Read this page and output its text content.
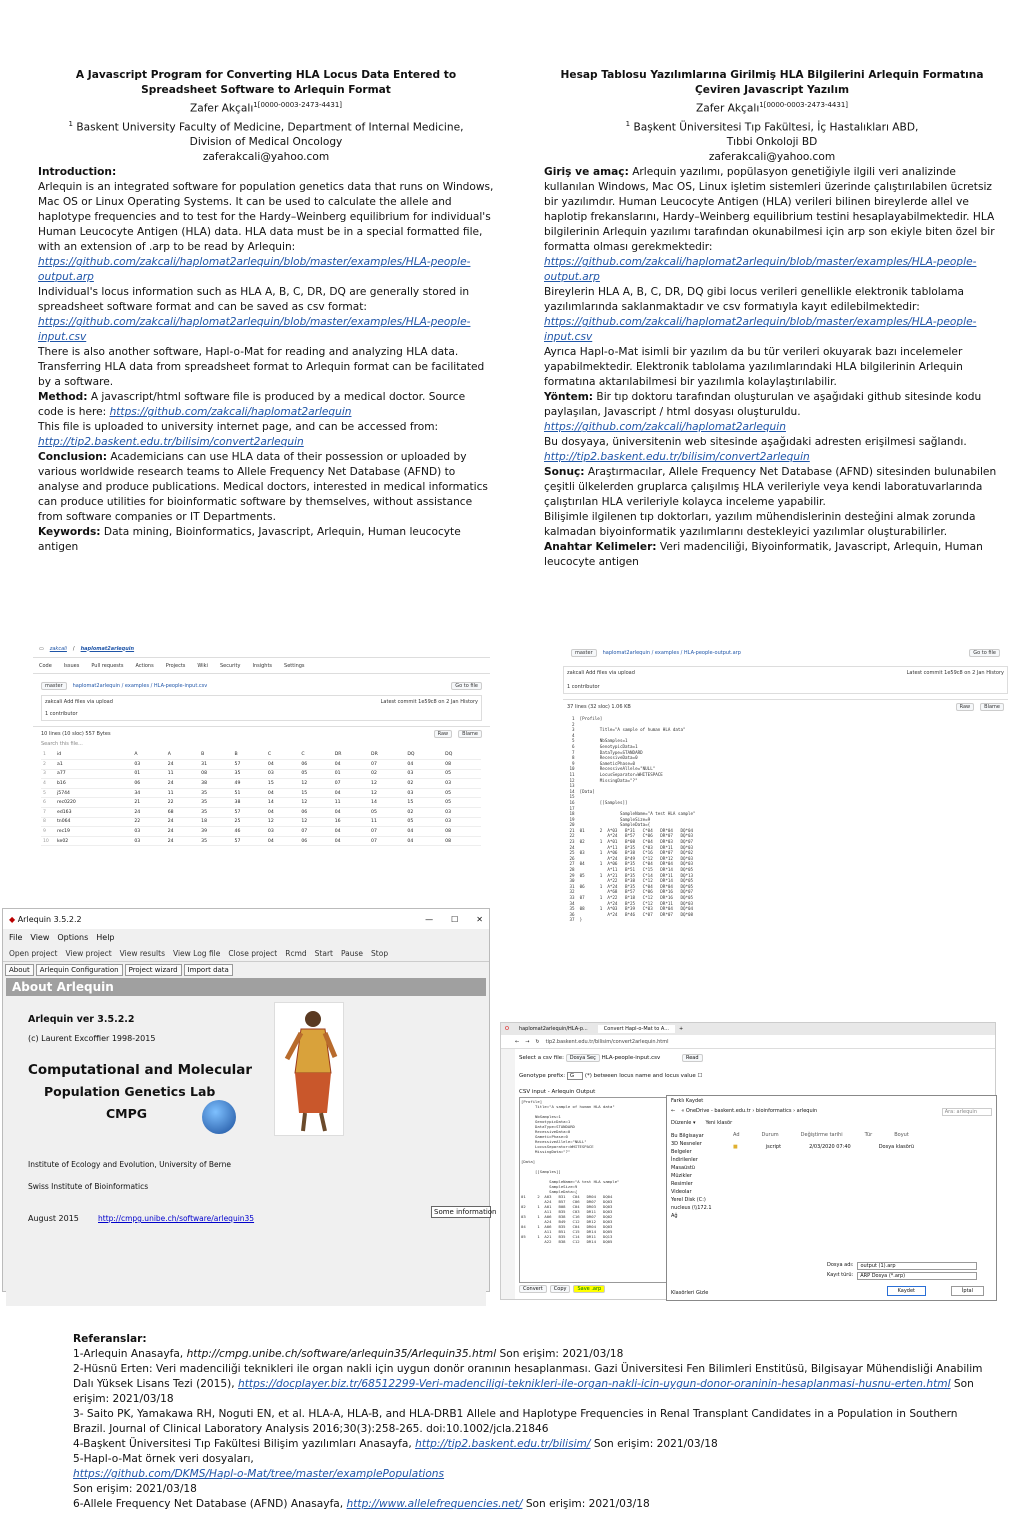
A Javascript Program for Converting HLA Locus Data Entered to Spreadsheet Software to Arlequin Format
Zafer Akçalı$^{1[0000-0003-2473-4431]}$
$^1$ Baskent University Faculty of Medicine, Department of Internal Medicine,
Division of Medical Oncology
zaferakcali@yahoo.com
Introduction:
Arlequin is an integrated software for population genetics data that runs on Windows, Mac OS or Linux Operating Systems. It can be used to calculate the allele and haplotype frequencies and to test for the Hardy–Weinberg equilibrium for individual's Human Leucocyte Antigen (HLA) data. HLA data must be in a special formatted file, with an extension of .arp to be read by Arlequin:
https://github.com/zakcali/haplomat2arlequin/blob/master/examples/HLA-people-output.arp
Individual's locus information such as HLA A, B, C, DR, DQ are generally stored in spreadsheet software format and can be saved as csv format:
https://github.com/zakcali/haplomat2arlequin/blob/master/examples/HLA-people-input.csv
There is also another software, Hapl-o-Mat for reading and analyzing HLA data. Transferring HLA data from spreadsheet format to Arlequin format can be facilitated by a software.
Method: A javascript/html software file is produced by a medical doctor. Source code is here: https://github.com/zakcali/haplomat2arlequin
This file is uploaded to university internet page, and can be accessed from:
http://tip2.baskent.edu.tr/bilisim/convert2arlequin
Conclusion: Academicians can use HLA data of their possession or uploaded by various worldwide research teams to Allele Frequency Net Database (AFND) to analyse and produce publications. Medical doctors, interested in medical informatics can produce utilities for bioinformatic software by themselves, without assistance from software companies or IT Departments.
Keywords: Data mining, Bioinformatics, Javascript, Arlequin, Human leucocyte antigen
Hesap Tablosu Yazılımlarına Girilmiş HLA Bilgilerini Arlequin Formatına Çeviren Javascript Yazılım
Zafer Akçalı$^{1[0000-0003-2473-4431]}$
$^1$ Başkent Üniversitesi Tıp Fakültesi, İç Hastalıkları ABD,
Tıbbi Onkoloji BD
zaferakcali@yahoo.com
Giriş ve amaç: Arlequin yazılımı, popülasyon genetiğiyle ilgili veri analizinde kullanılan Windows, Mac OS, Linux işletim sistemleri üzerinde çalıştırılabilen ücretsiz bir yazılımdır. Human Leucocyte Antigen (HLA) verileri bilinen bireylerde allel ve haplotip frekanslarını, Hardy–Weinberg equilibrium testini hesaplayabilmektedir. HLA bilgilerinin Arlequin yazılımı tarafından okunabilmesi için arp son ekiyle biten özel bir formatta olması gerekmektedir:
https://github.com/zakcali/haplomat2arlequin/blob/master/examples/HLA-people-output.arp
Bireylerin HLA A, B, C, DR, DQ gibi locus verileri genellikle elektronik tablolama yazılımlarında saklanmaktadır ve csv formatıyla kayıt edilebilmektedir:
https://github.com/zakcali/haplomat2arlequin/blob/master/examples/HLA-people-input.csv
Ayrıca Hapl-o-Mat isimli bir yazılım da bu tür verileri okuyarak bazı incelemeler yapabilmektedir. Elektronik tablolama yazılımlarındaki HLA bilgilerinin Arlequin formatına aktarılabilmesi bir yazılımla kolaylaştırılabilir.
Yöntem: Bir tıp doktoru tarafından oluşturulan ve aşağıdaki github sitesinde kodu paylaşılan, Javascript / html dosyası oluşturuldu.
https://github.com/zakcali/haplomat2arlequin
Bu dosyaya, üniversitenin web sitesinde aşağıdaki adresten erişilmesi sağlandı.
http://tip2.baskent.edu.tr/bilisim/convert2arlequin
Sonuç: Araştırmacılar, Allele Frequency Net Database (AFND) sitesinden bulunabilen çeşitli ülkelerden gruplarca çalışılmış HLA verileriyle veya kendi laboratuvarlarında çalıştırılan HLA verileriyle kolayca inceleme yapabilir.
Bilişimle ilgilenen tıp doktorları, yazılım mühendislerinin desteğini almak zorunda kalmadan biyoinformatik yazılımlarını destekleyici yazılımlar oluşturabilirler.
Anahtar Kelimeler: Veri madenciliği, Biyoinformatik, Javascript, Arlequin, Human leucocyte antigen
▭ zakcali / haplomat2arlequin
Code Issues Pull requests Actions Projects Wiki Security Insights Settings
master	haplomat2arlequin / examples / HLA-people-input.csv	Go to file
zakcali Add files via upload	Latest commit 1e59c8 on 2 Jan
History
1 contributor
10 lines (10 sloc) 557 Bytes	Raw	Blame
Search this file...
1	id	A	A	B	B	C	C	DR	DR	DQ	DQ
2	a1	03	24	31	57	04	06	04	07	04	08
3	a77	01	11	08	35	03	05	01	02	03	05
4	b16	06	24	38	49	15	12	07	12	02	03
5	j5744	34	11	35	51	04	15	04	12	03	05
6	rec0220	21	22	35	38	14	12	11	14	15	05
7	ed163	24	68	35	57	04	06	04	05	02	03
8	tn064	22	24	18	25	12	12	16	11	05	03
9	rec19	03	24	39	46	03	07	04	07	04	08
10	ke02	03	24	35	57	04	06	04	07	04	08
master	haplomat2arlequin / examples / HLA-people-output.arp	Go to file
zakcali Add files via upload	Latest commit 1e59c8 on 2 Jan
History
1 contributor
37 lines (32 sloc) 1.06 KB	Raw	Blame
1  [Profile]
2
3          Title="A sample of human HLA data"
4
5          NbSamples=1
6          GenotypicData=1
7          DataType=STANDARD
8          RecessiveData=0
9          GameticPhase=0
10          RecessiveAllele="NULL"
11          LocusSeparator=WHITESPACE
12          MissingData="?"
13
14  [Data]
15
16          [[Samples]]
17
18                  SampleName="A test HLA sample"
19                  SampleSize=9
20                  SampleData={
21  01      2  A*03   B*31   C*04   DR*04   DQ*04
22             A*24   B*57   C*06   DR*07   DQ*03
23  02      1  A*01   B*08   C*04   DR*03   DQ*07
24             A*11   B*35   C*03   DR*11   DQ*03
25  03      1  A*06   B*38   C*16   DR*07   DQ*02
26             A*24   B*49   C*12   DR*12   DQ*03
27  04      1  A*06   B*35   C*04   DR*04   DQ*03
28             A*11   B*51   C*15   DR*14   DQ*05
29  05      1  A*21   B*35   C*14   DR*11   DQ*13
30             A*22   B*38   C*12   DR*14   DQ*05
31  06      1  A*24   B*35   C*04   DR*04   DQ*05
32             A*68   B*57   C*06   DR*16   DQ*07
33  07      1  A*22   B*18   C*12   DR*16   DQ*05
34             A*24   B*25   C*12   DR*11   DQ*03
35  08      1  A*03   B*39   C*03   DR*04   DQ*04
36             A*24   B*46   C*07   DR*07   DQ*08
37  }
◆
Arlequin 3.5.2.2	— ☐ ✕
File View Options Help
Open project View project View results View Log file Close project Rcmd Start Pause Stop
About	Arlequin Configuration	Project wizard	Import data
About Arlequin
Arlequin ver 3.5.2.2
(c) Laurent Excoffier 1998-2015
Computational and Molecular
Population Genetics Lab
CMPG
Institute of Ecology and Evolution, University of Berne
Swiss Institute of Bioinformatics
August 2015	http://cmpg.unibe.ch/software/arlequin35
Some information
O	haplomat2arlequin/HLA-p...	Convert Hapl-o-Mat to A...	+
← → ↻ tip2.baskent.edu.tr/bilisim/convert2arlequin.html
Select a csv file: Dosya Seç HLA-people-input.csv	Read
Genotype prefix: G (*) between locus name and locus value ☐
CSV input - Arlequin Output
[Profile]
Title="A sample of human HLA data"

NbSamples=1
GenotypicData=1
DataType=STANDARD
RecessiveData=0
GameticPhase=0
RecessiveAllele="NULL"
LocusSeparator=WHITESPACE
MissingData="?"

[Data]

[[Samples]]

SampleName="A test HLA sample"
SampleSize=9
SampleData={
01     2  A03   B31   C04   DR04   DQ04
A24   B57   C06   DR07   DQ03
02     1  A01   B08   C04   DR03   DQ03
A11   B35   C03   DR11   DQ03
03     1  A06   B38   C16   DR07   DQ02
A24   B49   C12   DR12   DQ03
04     1  A06   B35   C04   DR04   DQ03
A11   B51   C15   DR14   DQ05
05     1  A21   B35   C14   DR11   DQ13
A22   B38   C12   DR14   DQ05
Convert	Copy	Save .arp
Farklı Kaydet
← « OneDrive - baskent.edu.tr › bioinformatics › arlequin	Ara: arlequin
Düzenle ▾ Yeni klasör
Bu Bilgisayar
3D Nesneler
Belgeler
İndirilenler
Masaüstü
Müzikler
Resimler
Videolar
Yerel Disk (C:)
nucleus (\\172.1
Ağ
Ad	Durum	Değiştirme tarihi	Tür	Boyut
■	jscript	2/03/2020 07:40	Dosya klasörü
Dosya adı:	output (1).arp
Kayıt türü:	ARP Dosya (*.arp)
Klasörleri Gizle	Kaydet	İptal
Referanslar:
1-Arlequin Anasayfa, http://cmpg.unibe.ch/software/arlequin35/Arlequin35.html Son erişim: 2021/03/18
2-Hüsnü Erten: Veri madenciliği teknikleri ile organ nakli için uygun donör oranının hesaplanması. Gazi Üniversitesi Fen Bilimleri Enstitüsü, Bilgisayar Mühendisliği Anabilim Dalı Yüksek Lisans Tezi (2015), https://docplayer.biz.tr/68512299-Veri-madenciligi-teknikleri-ile-organ-nakli-icin-uygun-donor-oraninin-hesaplanmasi-husnu-erten.html Son erişim: 2021/03/18
3- Saito PK, Yamakawa RH, Noguti EN, et al. HLA-A, HLA-B, and HLA-DRB1 Allele and Haplotype Frequencies in Renal Transplant Candidates in a Population in Southern Brazil. Journal of Clinical Laboratory Analysis 2016;30(3):258-265. doi:10.1002/jcla.21846
4-Başkent Üniversitesi Tıp Fakültesi Bilişim yazılımları Anasayfa, http://tip2.baskent.edu.tr/bilisim/ Son erişim: 2021/03/18
5-Hapl-o-Mat örnek veri dosyaları,
https://github.com/DKMS/Hapl-o-Mat/tree/master/examplePopulations
Son erişim: 2021/03/18
6-Allele Frequency Net Database (AFND) Anasayfa, http://www.allelefrequencies.net/ Son erişim: 2021/03/18
